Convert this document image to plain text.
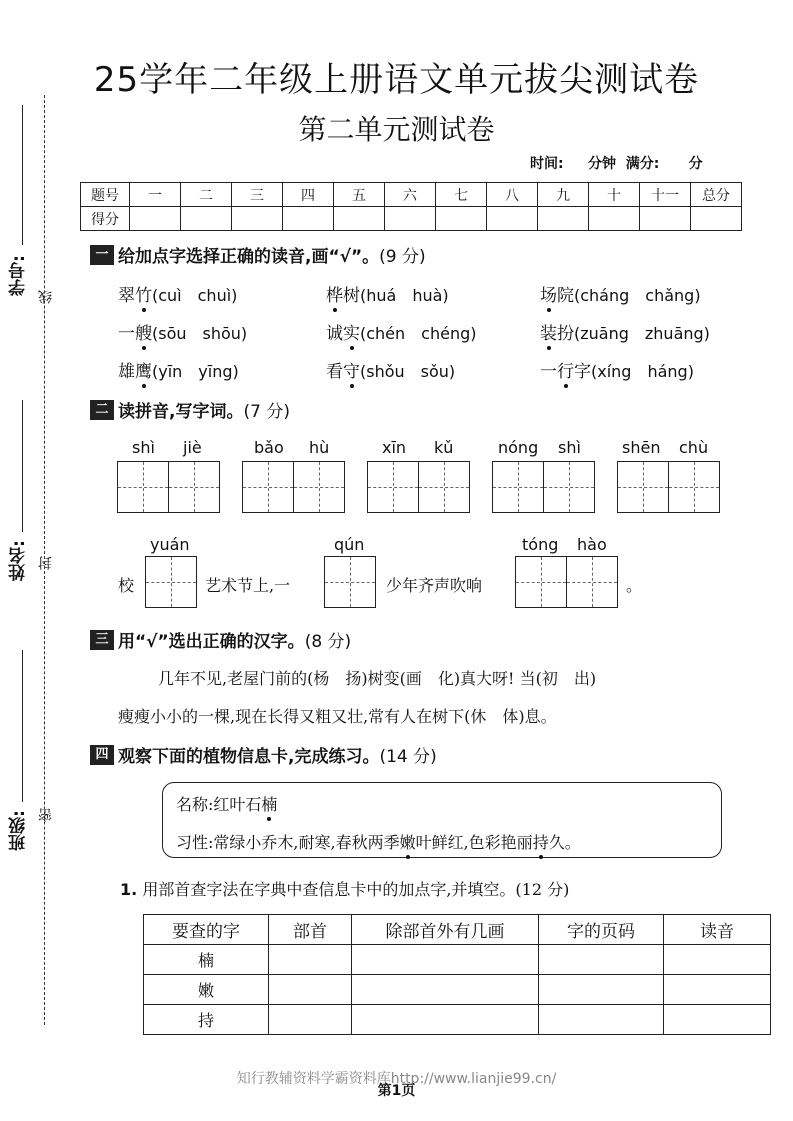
学号:
线
姓名: 封
班级: 密
25学年二年级上册语文单元拔尖测试卷
第二单元测试卷
时间: 分钟 满分: 分
题号	一	二	三	四	五	六	七	八	九	十	十一	总分
得分												
一 给加点字选择正确的读音,画“√”。 (9 分)
翠竹(cuì　chuì)	桦树(huá　huà)	场院(cháng　chǎng)
一艘(sōu　shōu)	诚实(chén　chéng)	装扮(zuāng　zhuāng)
雄鹰(yīn　yīng)	看守(shǒu　sǒu)	一行字(xíng　háng)
二 读拼音,写字词。 (7 分)
shì jiè	bǎo hù	xīn kǔ	nóng shì	shēn chù
校
yuán
艺术节上,一
qún
少年齐声吹响
tóng hào
。
三 用“√”选出正确的汉字。 (8 分)
几年不见,老屋门前的(杨　扬)树变(画　化)真大呀! 当(初　出)
瘦瘦小小的一棵,现在长得又粗又壮,常有人在树下(休　体)息。
四 观察下面的植物信息卡,完成练习。 (14 分)
名称:红叶石楠
习性:常绿小乔木,耐寒,春秋两季嫩叶鲜红,色彩艳丽持久。
1. 用部首查字法在字典中查信息卡中的加点字,并填空。(12 分)
要查的字	部首	除部首外有几画	字的页码	读音
楠				
嫩				
持				
知行教辅资料学霸资料库http://www.lianjie99.cn/
第1页
